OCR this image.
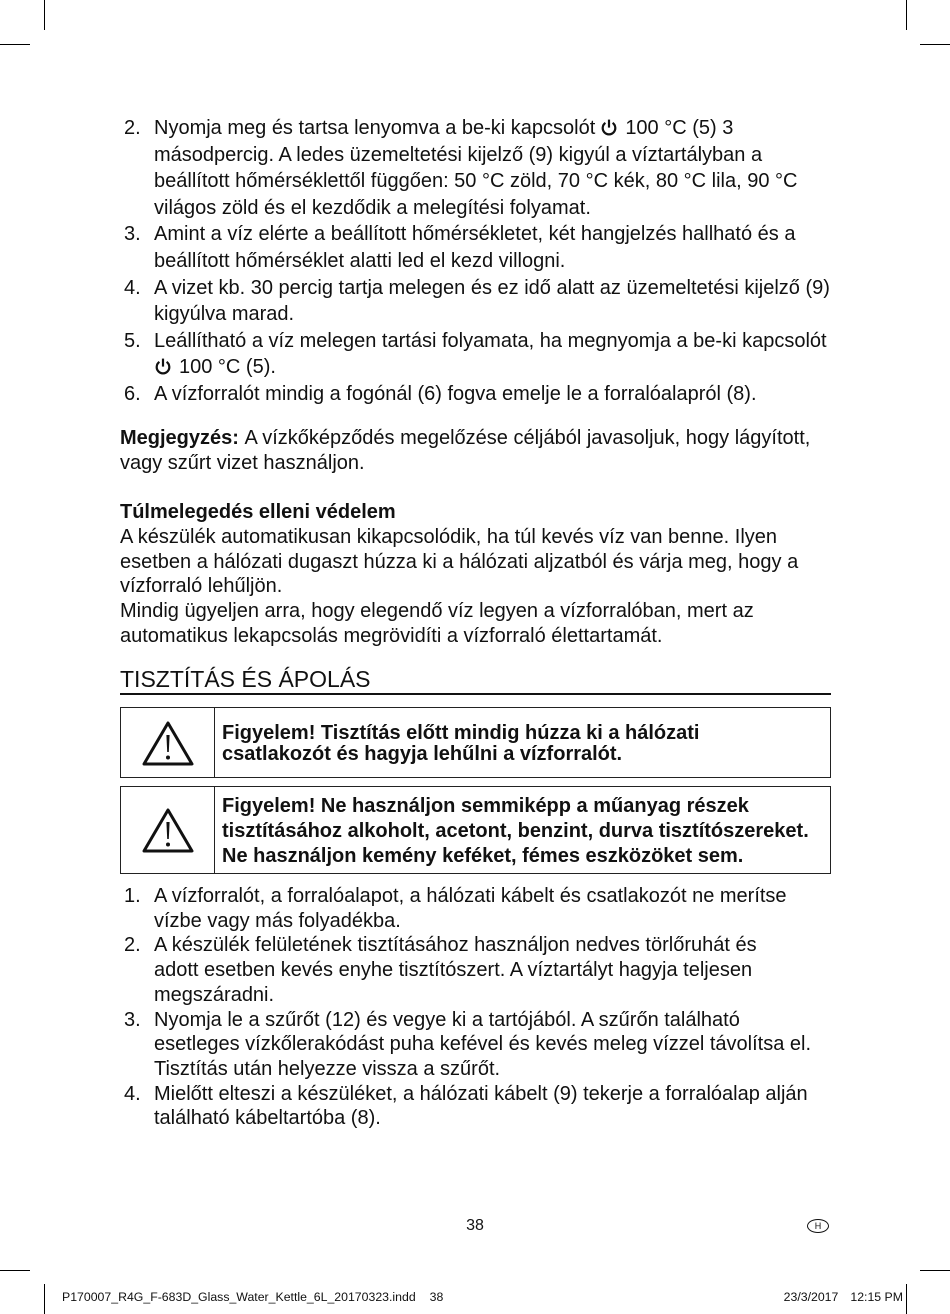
2. Nyomja meg és tartsa lenyomva a be-ki kapcsolót 100 °C (5) 3
másodpercig. A ledes üzemeltetési kijelző (9) kigyúl a víztartályban a
beállított hőmérséklettől függően: 50 °C zöld, 70 °C kék, 80 °C lila, 90 °C
világos zöld és el kezdődik a melegítési folyamat.
3. Amint a víz elérte a beállított hőmérsékletet, két hangjelzés hallható és a
beállított hőmérséklet alatti led el kezd villogni.
4. A vizet kb. 30 percig tartja melegen és ez idő alatt az üzemeltetési kijelző (9)
kigyúlva marad.
5. Leállítható a víz melegen tartási folyamata, ha megnyomja a be-ki kapcsolót
100 °C (5).
6. A vízforralót mindig a fogónál (6) fogva emelje le a forralóalapról (8).
Megjegyzés: A vízkőképződés megelőzése céljából javasoljuk, hogy lágyított,
vagy szűrt vizet használjon.
Túlmelegedés elleni védelem
A készülék automatikusan kikapcsolódik, ha túl kevés víz van benne. Ilyen
esetben a hálózati dugaszt húzza ki a hálózati aljzatból és várja meg, hogy a
vízforraló lehűljön.
Mindig ügyeljen arra, hogy elegendő víz legyen a vízforralóban, mert az
automatikus lekapcsolás megrövidíti a vízforraló élettartamát.
TISZTÍTÁS ÉS ÁPOLÁS
Figyelem! Tisztítás előtt mindig húzza ki a hálózati
csatlakozót és hagyja lehűlni a vízforralót.
Figyelem! Ne használjon semmiképp a műanyag részek
tisztításához alkoholt, acetont, benzint, durva tisztítószereket.
Ne használjon kemény keféket, fémes eszközöket sem.
1. A vízforralót, a forralóalapot, a hálózati kábelt és csatlakozót ne merítse
vízbe vagy más folyadékba.
2. A készülék felületének tisztításához használjon nedves törlőruhát és
adott esetben kevés enyhe tisztítószert. A víztartályt hagyja teljesen
megszáradni.
3. Nyomja le a szűrőt (12) és vegye ki a tartójából. A szűrőn található
esetleges vízkőlerakódást puha kefével és kevés meleg vízzel távolítsa el.
Tisztítás után helyezze vissza a szűrőt.
4. Mielőtt elteszi a készüléket, a hálózati kábelt (9) tekerje a forralóalap alján
található kábeltartóba (8).
38	H
P170007_R4G_F-683D_Glass_Water_Kettle_6L_20170323.indd 38	23/3/2017 12:15 PM
